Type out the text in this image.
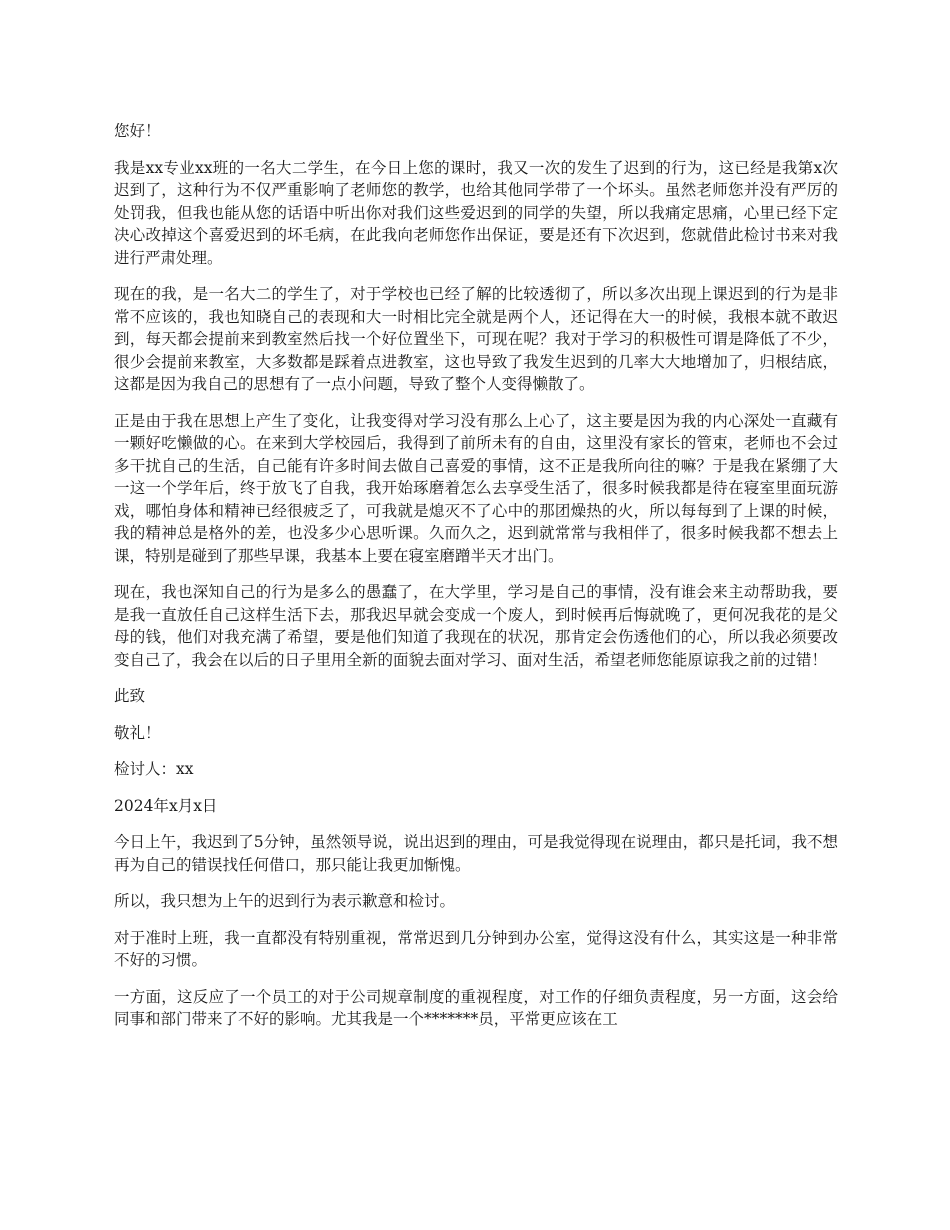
您好！

我是xx专业xx班的一名大二学生，在今日上您的课时，我又一次的发生了迟到的行为，这已经是我第x次迟到了，这种行为不仅严重影响了老师您的教学，也给其他同学带了一个坏头。虽然老师您并没有严厉的处罚我，但我也能从您的话语中听出你对我们这些爱迟到的同学的失望，所以我痛定思痛，心里已经下定决心改掉这个喜爱迟到的坏毛病，在此我向老师您作出保证，要是还有下次迟到，您就借此检讨书来对我进行严肃处理。

现在的我，是一名大二的学生了，对于学校也已经了解的比较透彻了，所以多次出现上课迟到的行为是非常不应该的，我也知晓自己的表现和大一时相比完全就是两个人，还记得在大一的时候，我根本就不敢迟到，每天都会提前来到教室然后找一个好位置坐下，可现在呢？我对于学习的积极性可谓是降低了不少，很少会提前来教室，大多数都是踩着点进教室，这也导致了我发生迟到的几率大大地增加了，归根结底，这都是因为我自己的思想有了一点小问题，导致了整个人变得懒散了。

正是由于我在思想上产生了变化，让我变得对学习没有那么上心了，这主要是因为我的内心深处一直藏有一颗好吃懒做的心。在来到大学校园后，我得到了前所未有的自由，这里没有家长的管束，老师也不会过多干扰自己的生活，自己能有许多时间去做自己喜爱的事情，这不正是我所向往的嘛？于是我在紧绷了大一这一个学年后，终于放飞了自我，我开始琢磨着怎么去享受生活了，很多时候我都是待在寝室里面玩游戏，哪怕身体和精神已经很疲乏了，可我就是熄灭不了心中的那团燥热的火，所以每每到了上课的时候，我的精神总是格外的差，也没多少心思听课。久而久之，迟到就常常与我相伴了，很多时候我都不想去上课，特别是碰到了那些早课，我基本上要在寝室磨蹭半天才出门。

现在，我也深知自己的行为是多么的愚蠢了，在大学里，学习是自己的事情，没有谁会来主动帮助我，要是我一直放任自己这样生活下去，那我迟早就会变成一个废人，到时候再后悔就晚了，更何况我花的是父母的钱，他们对我充满了希望，要是他们知道了我现在的状况，那肯定会伤透他们的心，所以我必须要改变自己了，我会在以后的日子里用全新的面貌去面对学习、面对生活，希望老师您能原谅我之前的过错！

此致

敬礼！

检讨人：xx

2024年x月x日

今日上午，我迟到了5分钟，虽然领导说，说出迟到的理由，可是我觉得现在说理由，都只是托词，我不想再为自己的错误找任何借口，那只能让我更加惭愧。

所以，我只想为上午的迟到行为表示歉意和检讨。

对于准时上班，我一直都没有特别重视，常常迟到几分钟到办公室，觉得这没有什么，其实这是一种非常不好的习惯。

一方面，这反应了一个员工的对于公司规章制度的重视程度，对工作的仔细负责程度，另一方面，这会给同事和部门带来了不好的影响。尤其我是一个*******员，平常更应该在工
